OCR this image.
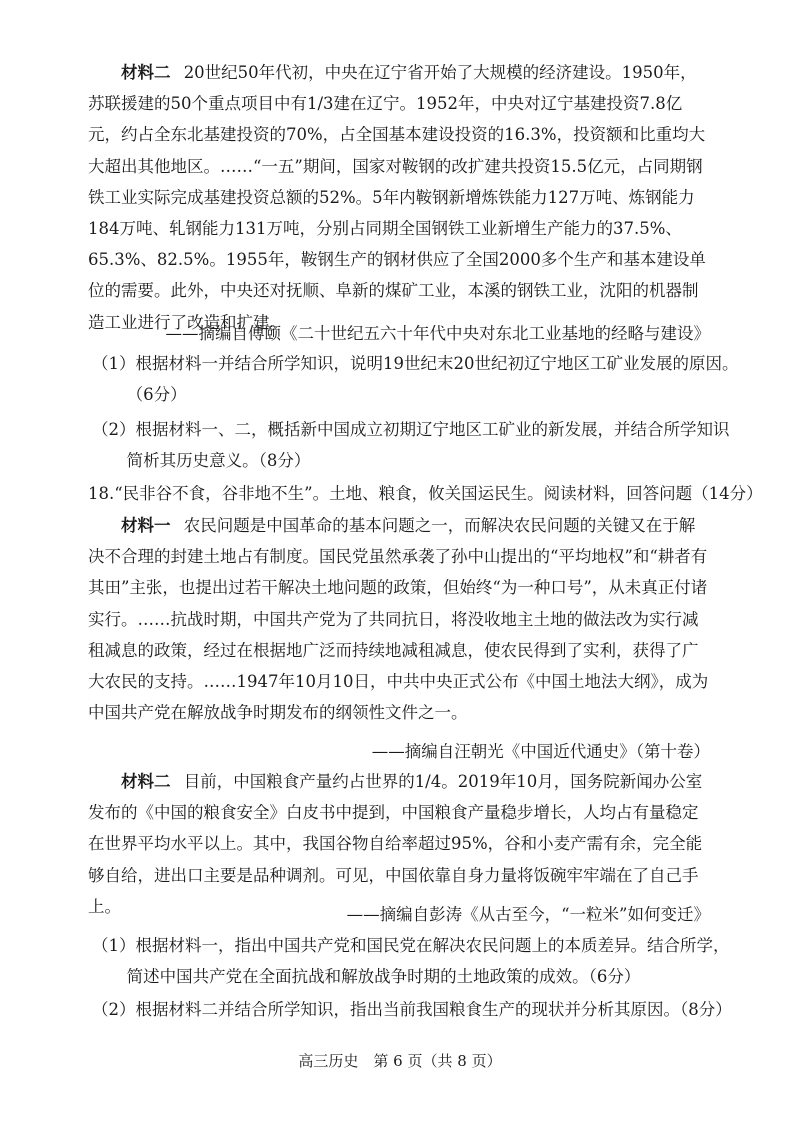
材料二 20世纪50年代初，中央在辽宁省开始了大规模的经济建设。1950年，苏联援建的50个重点项目中有1/3建在辽宁。1952年，中央对辽宁基建投资7.8亿元，约占全东北基建投资的70%，占全国基本建设投资的16.3%，投资额和比重均大大超出其他地区。……“一五”期间，国家对鞍钢的改扩建共投资15.5亿元，占同期钢铁工业实际完成基建投资总额的52%。5年内鞍钢新增炼铁能力127万吨、炼钢能力184万吨、轧钢能力131万吨，分别占同期全国钢铁工业新增生产能力的37.5%、65.3%、82.5%。1955年，鞍钢生产的钢材供应了全国2000多个生产和基本建设单位的需要。此外，中央还对抚顺、阜新的煤矿工业，本溪的钢铁工业，沈阳的机器制造工业进行了改造和扩建。
——摘编自傅颐《二十世纪五六十年代中央对东北工业基地的经略与建设》
（1）根据材料一并结合所学知识，说明19世纪末20世纪初辽宁地区工矿业发展的原因。（6分）
（2）根据材料一、二，概括新中国成立初期辽宁地区工矿业的新发展，并结合所学知识简析其历史意义。（8分）
18.“民非谷不食，谷非地不生”。土地、粮食，攸关国运民生。阅读材料，回答问题（14分）
材料一 农民问题是中国革命的基本问题之一，而解决农民问题的关键又在于解决不合理的封建土地占有制度。国民党虽然承袭了孙中山提出的“平均地权”和“耕者有其田”主张，也提出过若干解决土地问题的政策，但始终“为一种口号”，从未真正付诸实行。……抗战时期，中国共产党为了共同抗日，将没收地主土地的做法改为实行减租减息的政策，经过在根据地广泛而持续地减租减息，使农民得到了实利，获得了广大农民的支持。……1947年10月10日，中共中央正式公布《中国土地法大纲》，成为中国共产党在解放战争时期发布的纲领性文件之一。
——摘编自汪朝光《中国近代通史》（第十卷）
材料二 目前，中国粮食产量约占世界的1/4。2019年10月，国务院新闻办公室发布的《中国的粮食安全》白皮书中提到，中国粮食产量稳步增长，人均占有量稳定在世界平均水平以上。其中，我国谷物自给率超过95%，谷和小麦产需有余，完全能够自给，进出口主要是品种调剂。可见，中国依靠自身力量将饭碗牢牢端在了自己手上。	——摘编自彭涛《从古至今，“一粒米”如何变迁》
（1）根据材料一，指出中国共产党和国民党在解决农民问题上的本质差异。结合所学，简述中国共产党在全面抗战和解放战争时期的土地政策的成效。（6分）
（2）根据材料二并结合所学知识，指出当前我国粮食生产的现状并分析其原因。（8分）
高三历史　第 6 页（共 8 页）
